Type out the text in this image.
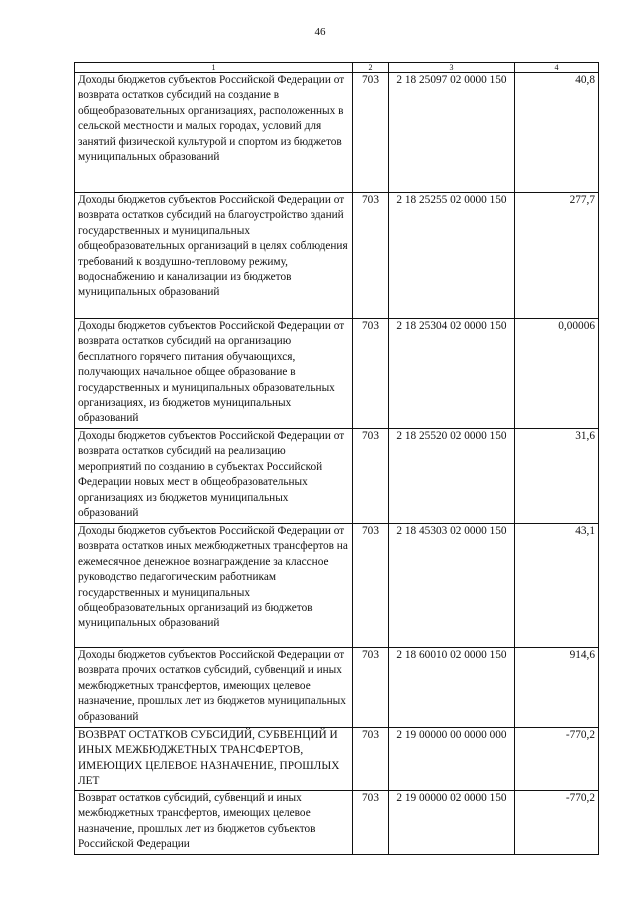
46
1	2	3	4
Доходы бюджетов субъектов Российской Федерации от возврата остатков субсидий на создание в общеобразовательных организациях, расположенных в сельской местности и малых городах, условий для занятий физической культурой и спортом из бюджетов муниципальных образований	703	2 18 25097 02 0000 150	40,8
Доходы бюджетов субъектов Российской Федерации от возврата остатков субсидий на благоустройство зданий государственных и муниципальных общеобразовательных организаций в целях соблюдения требований к воздушно-тепловому режиму, водоснабжению и канализации из бюджетов муниципальных образований	703	2 18 25255 02 0000 150	277,7
Доходы бюджетов субъектов Российской Федерации от возврата остатков субсидий на организацию бесплатного горячего питания обучающихся, получающих начальное общее образование в государственных и муниципальных образовательных организациях, из бюджетов муниципальных образований	703	2 18 25304 02 0000 150	0,00006
Доходы бюджетов субъектов Российской Федерации от возврата остатков субсидий на реализацию мероприятий по созданию в субъектах Российской Федерации новых мест в общеобразовательных организациях из бюджетов муниципальных образований	703	2 18 25520 02 0000 150	31,6
Доходы бюджетов субъектов Российской Федерации от возврата остатков иных межбюджетных трансфертов на ежемесячное денежное вознаграждение за классное руководство педагогическим работникам государственных и муниципальных общеобразовательных организаций из бюджетов муниципальных образований	703	2 18 45303 02 0000 150	43,1
Доходы бюджетов субъектов Российской Федерации от возврата прочих остатков субсидий, субвенций и иных межбюджетных трансфертов, имеющих целевое назначение, прошлых лет из бюджетов муниципальных образований	703	2 18 60010 02 0000 150	914,6
ВОЗВРАТ ОСТАТКОВ СУБСИДИЙ, СУБВЕНЦИЙ И ИНЫХ МЕЖБЮДЖЕТНЫХ ТРАНСФЕРТОВ, ИМЕЮЩИХ ЦЕЛЕВОЕ НАЗНАЧЕНИЕ, ПРОШЛЫХ ЛЕТ	703	2 19 00000 00 0000 000	-770,2
Возврат остатков субсидий, субвенций и иных межбюджетных трансфертов, имеющих целевое назначение, прошлых лет из бюджетов субъектов Российской Федерации	703	2 19 00000 02 0000 150	-770,2
